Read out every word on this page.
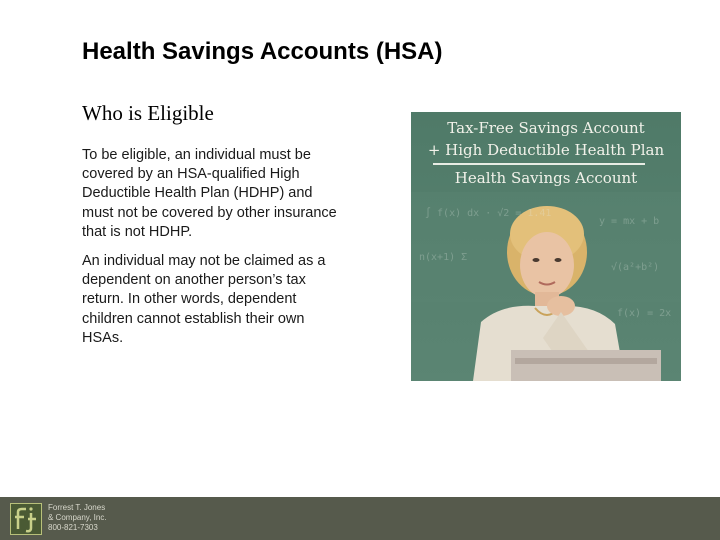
Health Savings Accounts (HSA)
Who is Eligible

To be eligible, an individual must be covered by an HSA-qualified High Deductible Health Plan (HDHP) and must not be covered by other insurance that is not HDHP.

An individual may not be claimed as a dependent on another person’s tax return. In other words, dependent children cannot establish their own HSAs.

∫ f(x) dx · √2 = 1.41
y = mx + b
n(x+1) Σ
√(a²+b²)
f(x) = 2x
Tax-Free Savings Account
+ High Deductible Health Plan
Health Savings Account
Forrest T. Jones
& Company, Inc.
800-821-7303
